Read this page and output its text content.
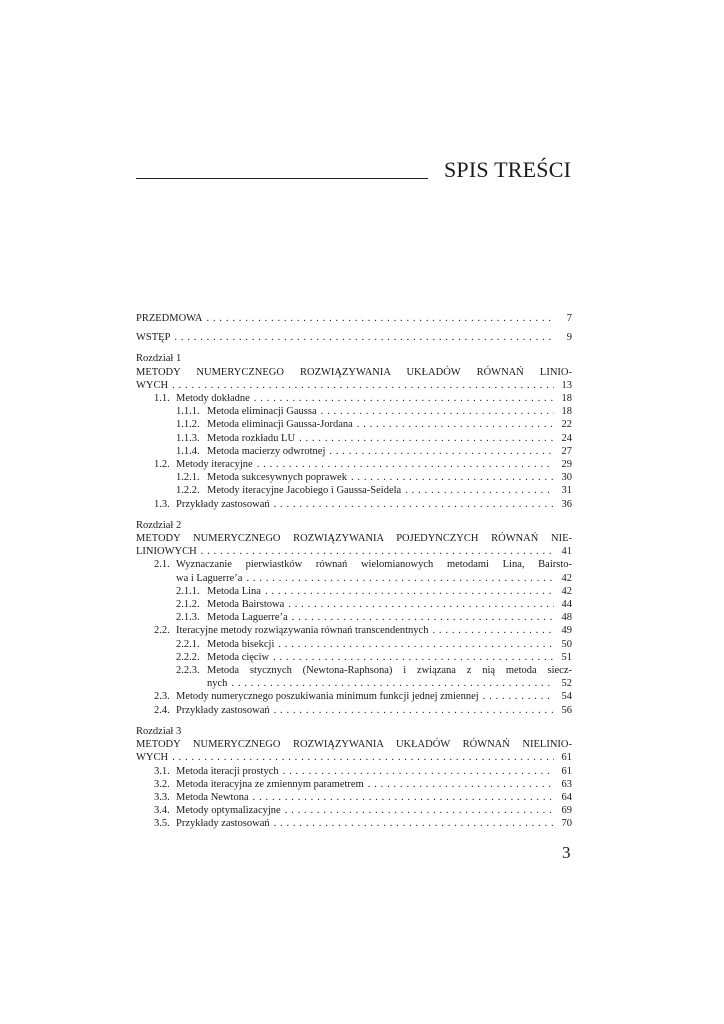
SPIS TREŚCI
PRZEDMOWA . . .	7
WSTĘP . . .	9
Rozdział 1
METODY NUMERYCZNEGO ROZWIĄZYWANIA UKŁADÓW RÓWNAŃ LINIO-
WYCH . . .	13
1.1. Metody dokładne . . .	18
1.1.1. Metoda eliminacji Gaussa . . .	18
1.1.2. Metoda eliminacji Gaussa-Jordana . . .	22
1.1.3. Metoda rozkładu LU . . .	24
1.1.4. Metoda macierzy odwrotnej . . .	27
1.2. Metody iteracyjne . . .	29
1.2.1. Metoda sukcesywnych poprawek . . .	30
1.2.2. Metody iteracyjne Jacobiego i Gaussa-Seidela . . .	31
1.3. Przykłady zastosowań . . .	36
Rozdział 2
METODY NUMERYCZNEGO ROZWIĄZYWANIA POJEDYNCZYCH RÓWNAŃ NIE-
LINIOWYCH . . .	41
2.1. Wyznaczanie pierwiastków równań wielomianowych metodami Lina, Bairsto-
wa i Laguerre’a . . .	42
2.1.1. Metoda Lina . . .	42
2.1.2. Metoda Bairstowa . . .	44
2.1.3. Metoda Laguerre’a . . .	48
2.2. Iteracyjne metody rozwiązywania równań transcendentnych . . .	49
2.2.1. Metoda bisekcji . . .	50
2.2.2. Metoda cięciw . . .	51
2.2.3. Metoda stycznych (Newtona-Raphsona) i związana z nią metoda siecz-
nych . . .	52
2.3. Metody numerycznego poszukiwania minimum funkcji jednej zmiennej . . .	54
2.4. Przykłady zastosowań . . .	56
Rozdział 3
METODY NUMERYCZNEGO ROZWIĄZYWANIA UKŁADÓW RÓWNAŃ NIELINIO-
WYCH . . .	61
3.1. Metoda iteracji prostych . . .	61
3.2. Metoda iteracyjna ze zmiennym parametrem . . .	63
3.3. Metoda Newtona . . .	64
3.4. Metody optymalizacyjne . . .	69
3.5. Przykłady zastosowań . . .	70
3
